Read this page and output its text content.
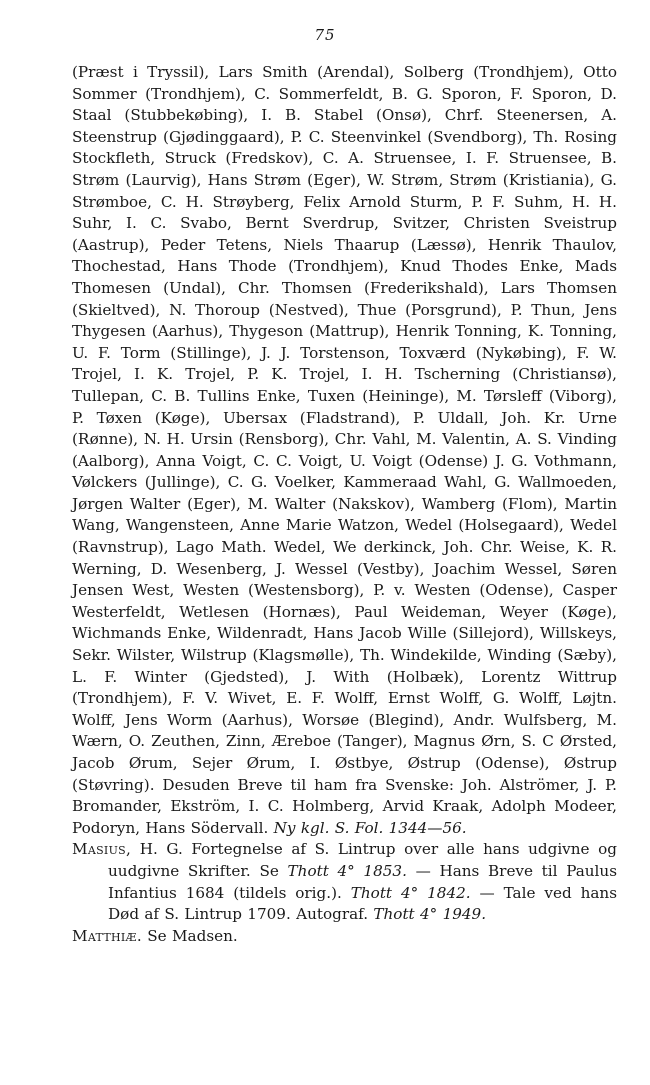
75

(Præst i Tryssil), Lars Smith (Arendal), Solberg (Trondhjem), Otto Sommer (Trondhjem), C. Sommerfeldt, B. G. Sporon, F. Sporon, D. Staal (Stubbekøbing), I. B. Stabel (Onsø), Chrf. Steenersen, A. Steenstrup (Gjødinggaard), P. C. Steenvinkel (Svendborg), Th. Rosing Stockfleth, Struck (Fredskov), C. A. Struensee, I. F. Struensee, B. Strøm (Laurvig), Hans Strøm (Eger), W. Strøm, Strøm (Kristiania), G. Strømboe, C. H. Strøyberg, Felix Arnold Sturm, P. F. Suhm, H. H. Suhr, I. C. Svabo, Bernt Sverdrup, Svitzer, Christen Sveistrup (Aastrup), Peder Tetens, Niels Thaarup (Læssø), Henrik Thaulov, Thochestad, Hans Thode (Trondhjem), Knud Thodes Enke, Mads Thomesen (Undal), Chr. Thomsen (Frederikshald), Lars Thomsen (Skieltved), N. Thoroup (Nestved), Thue (Porsgrund), P. Thun, Jens Thygesen (Aarhus), Thygeson (Mattrup), Henrik Tonning, K. Tonning, U. F. Torm (Stillinge), J. J. Torstenson, Toxværd (Nykøbing), F. W. Trojel, I. K. Trojel, P. K. Trojel, I. H. Tscherning (Christiansø), Tullepan, C. B. Tullins Enke, Tuxen (Heininge), M. Tørsleff (Viborg), P. Tøxen (Køge), Ubersax (Fladstrand), P. Uldall, Joh. Kr. Urne (Rønne), N. H. Ursin (Rensborg), Chr. Vahl, M. Valentin, A. S. Vinding (Aalborg), Anna Voigt, C. C. Voigt, U. Voigt (Odense) J. G. Vothmann, Vølckers (Jullinge), C. G. Voelker, Kammeraad Wahl, G. Wallmoeden, Jørgen Walter (Eger), M. Walter (Nakskov), Wamberg (Flom), Martin Wang, Wangensteen, Anne Marie Watzon, Wedel (Holsegaard), Wedel (Ravnstrup), Lago Math. Wedel, We derkinck, Joh. Chr. Weise, K. R. Werning, D. Wesenberg, J. Wessel (Vestby), Joachim Wessel, Søren Jensen West, Westen (Westensborg), P. v. Westen (Odense), Casper Westerfeldt, Wetlesen (Hornæs), Paul Weideman, Weyer (Køge), Wichmands Enke, Wildenradt, Hans Jacob Wille (Sillejord), Willskeys, Sekr. Wilster, Wilstrup (Klagsmølle), Th. Windekilde, Winding (Sæby), L. F. Winter (Gjedsted), J. With (Holbæk), Lorentz Wittrup (Trondhjem), F. V. Wivet, E. F. Wolff, Ernst Wolff, G. Wolff, Løjtn. Wolff, Jens Worm (Aarhus), Worsøe (Blegind), Andr. Wulfsberg, M. Wærn, O. Zeuthen, Zinn, Æreboe (Tanger), Magnus Ørn, S. C Ørsted, Jacob Ørum, Sejer Ørum, I. Østbye, Østrup (Odense), Østrup (Støvring). Desuden Breve til ham fra Svenske: Joh. Alströmer, J. P. Bromander, Ekström, I. C. Holmberg, Arvid Kraak, Adolph Modeer, Podoryn, Hans Södervall. Ny kgl. S. Fol. 1344—56.

Masius, H. G. Fortegnelse af S. Lintrup over alle hans udgivne og uudgivne Skrifter. Se Thott 4° 1853. — Hans Breve til Paulus Infantius 1684 (tildels orig.). Thott 4° 1842. — Tale ved hans Død af S. Lintrup 1709. Autograf. Thott 4° 1949.

Matthiæ. Se Madsen.
